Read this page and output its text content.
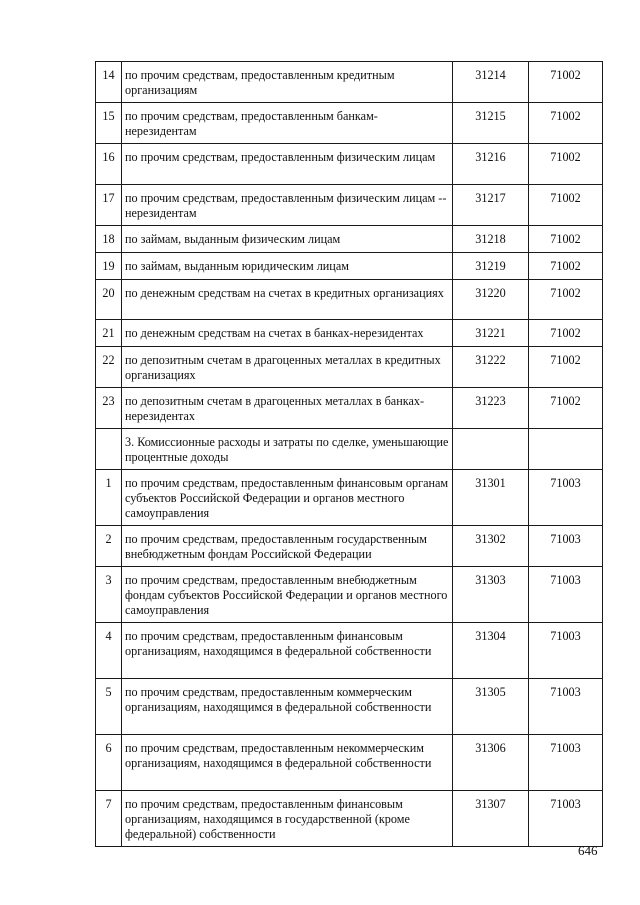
14	по прочим средствам, предоставленным кредитным организациям	31214	71002
15	по прочим средствам, предоставленным банкам-нерезидентам	31215	71002
16	по прочим средствам, предоставленным физическим лицам	31216	71002
17	по прочим средствам, предоставленным физическим лицам -- нерезидентам	31217	71002
18	по займам, выданным физическим лицам	31218	71002
19	по займам, выданным юридическим лицам	31219	71002
20	по денежным средствам на счетах в кредитных организациях	31220	71002
21	по денежным средствам на счетах в банках-нерезидентах	31221	71002
22	по депозитным счетам в драгоценных металлах в кредитных организациях	31222	71002
23	по депозитным счетам в драгоценных металлах в банках-нерезидентах	31223	71002
	3. Комиссионные расходы и затраты по сделке, уменьшающие процентные доходы		
1	по прочим средствам, предоставленным финансовым органам субъектов Российской Федерации и органов местного самоуправления	31301	71003
2	по прочим средствам, предоставленным государственным внебюджетным фондам Российской Федерации	31302	71003
3	по прочим средствам, предоставленным внебюджетным фондам субъектов Российской Федерации и органов местного самоуправления	31303	71003
4	по прочим средствам, предоставленным финансовым организациям, находящимся в федеральной собственности	31304	71003
5	по прочим средствам, предоставленным коммерческим организациям, находящимся в федеральной собственности	31305	71003
6	по прочим средствам, предоставленным некоммерческим организациям, находящимся в федеральной собственности	31306	71003
7	по прочим средствам, предоставленным финансовым организациям, находящимся в государственной (кроме федеральной) собственности	31307	71003
646
